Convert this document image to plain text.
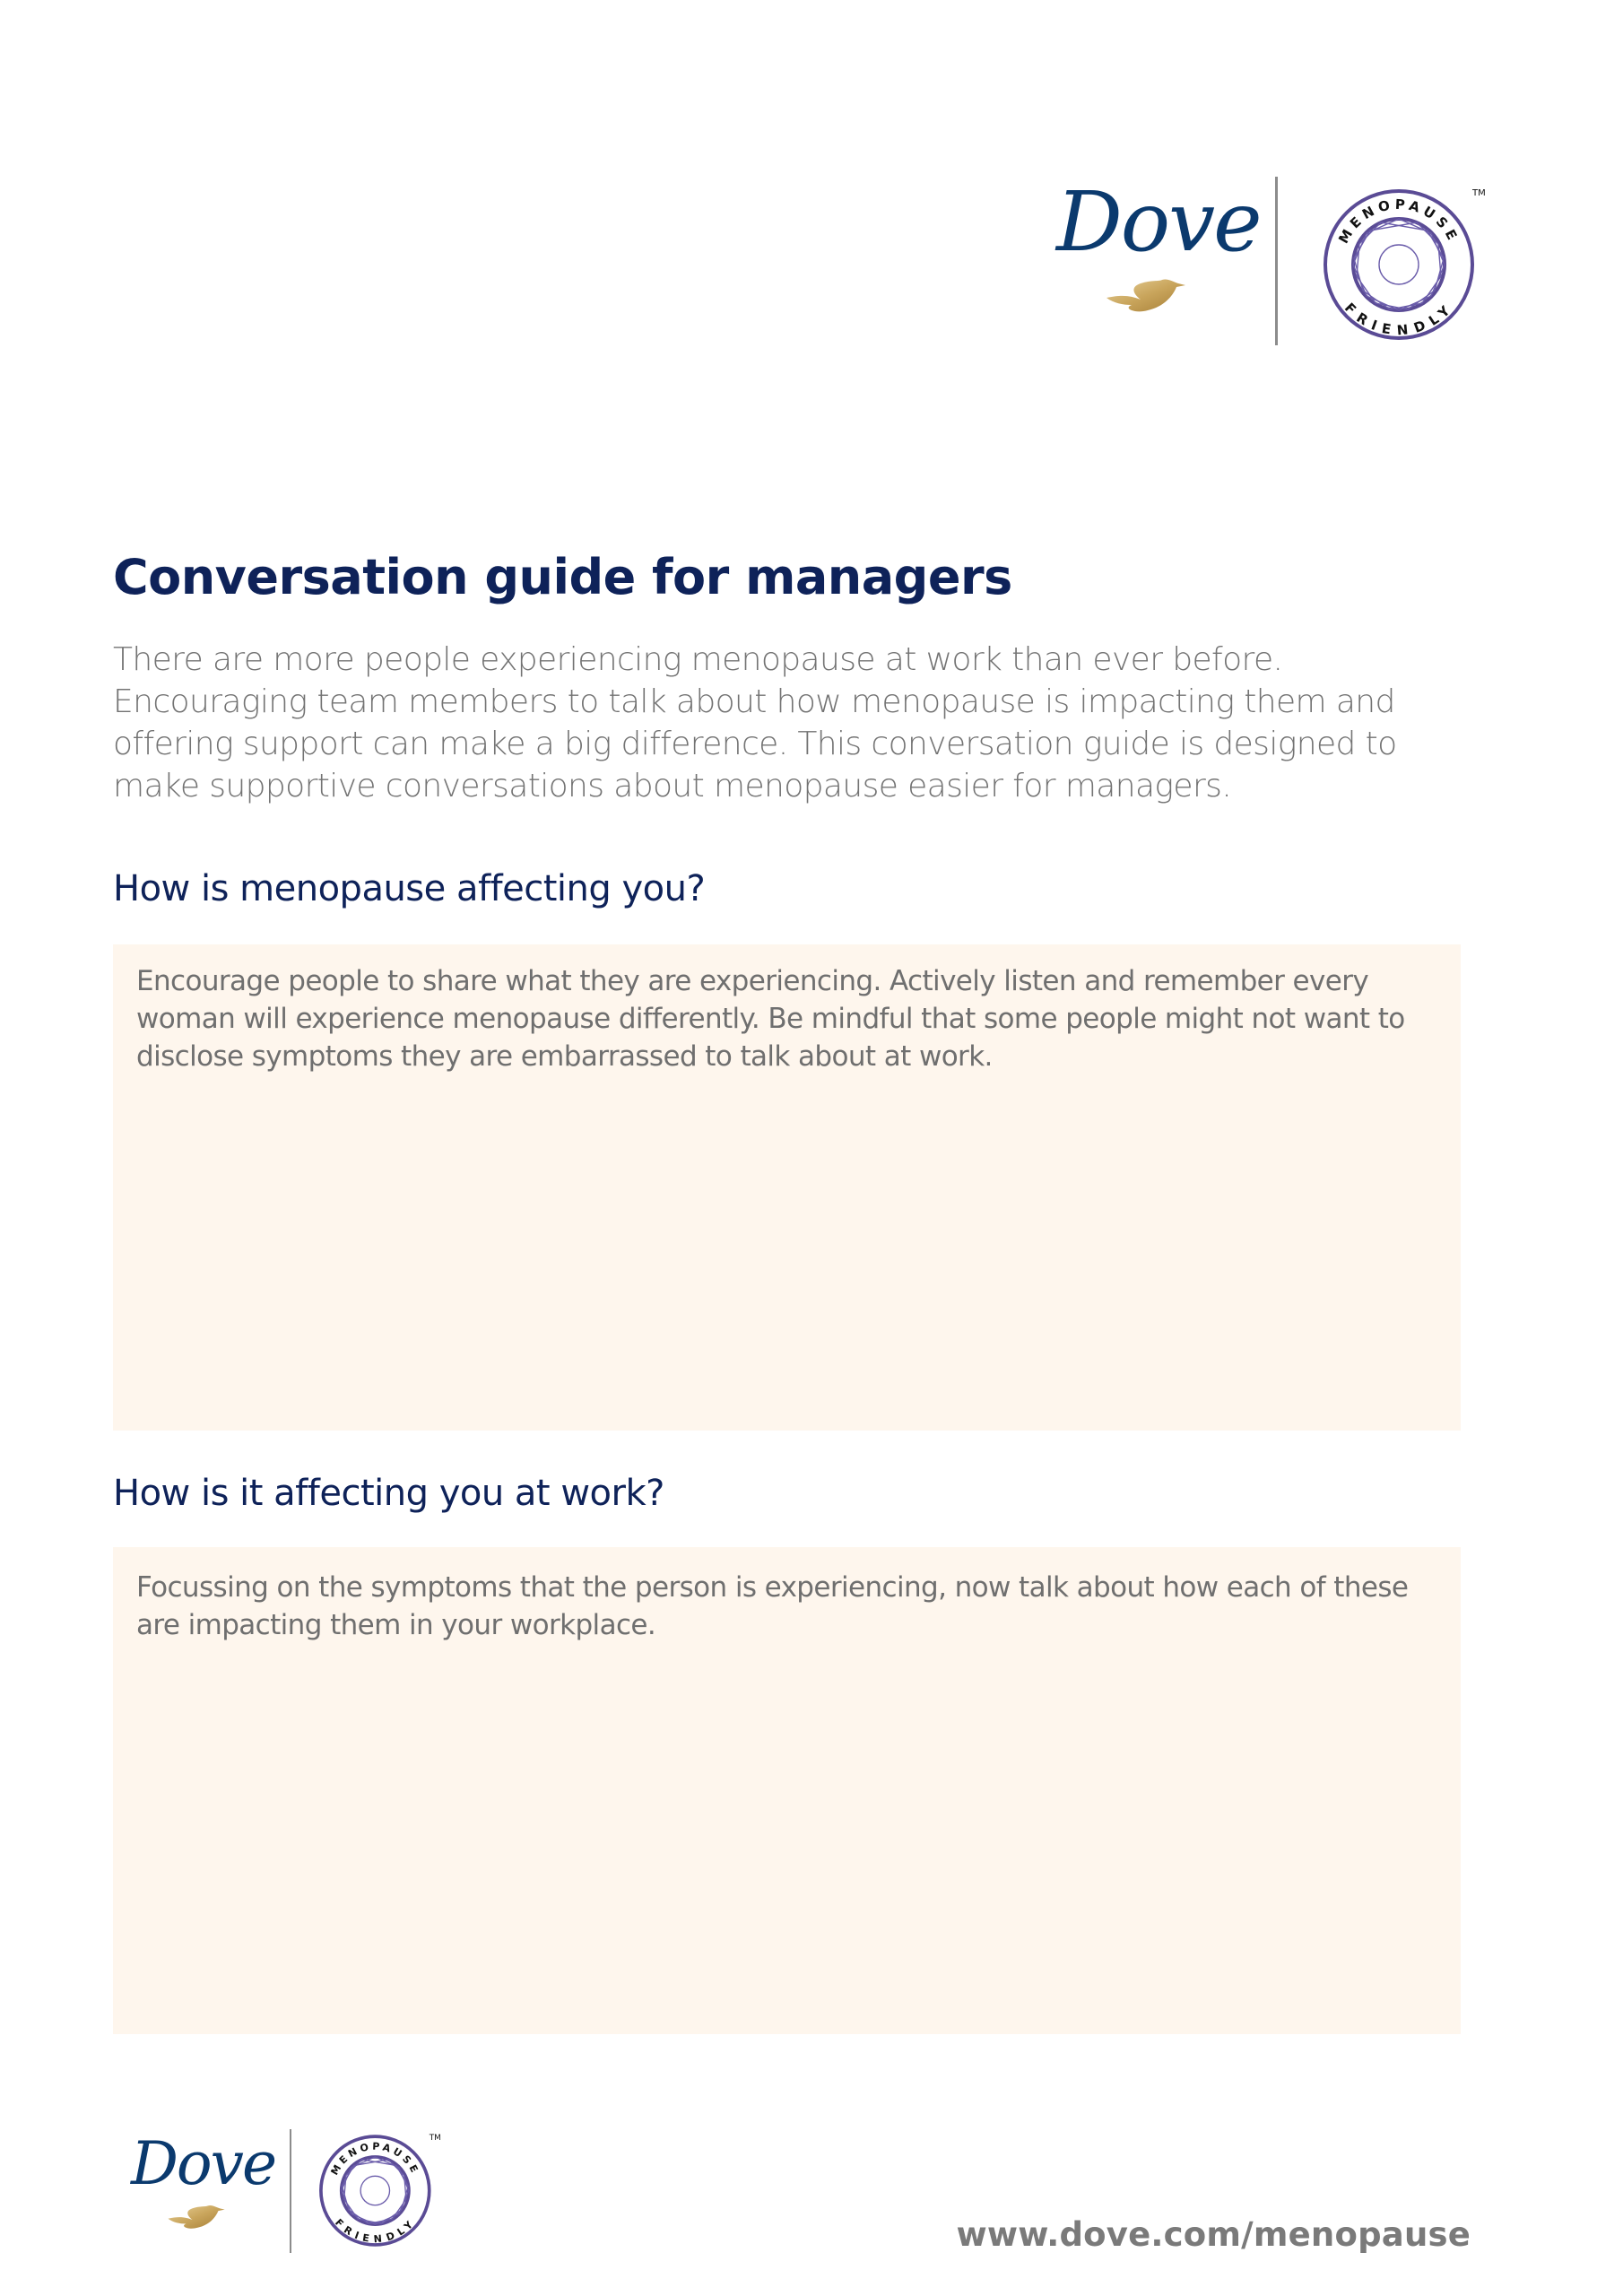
Dove	MENOPAUSE
FRIENDLY
TM
Conversation guide for managers
There are more people experiencing menopause at work than ever before. Encouraging team members to talk about how menopause is impacting them and offering support can make a big difference. This conversation guide is designed to make supportive conversations about menopause easier for managers.
How is menopause affecting you?
Encourage people to share what they are experiencing. Actively listen and remember every woman will experience menopause differently. Be mindful that some people might not want to disclose symptoms they are embarrassed to talk about at work.
How is it affecting you at work?
Focussing on the symptoms that the person is experiencing, now talk about how each of these are impacting them in your workplace.
Dove	MENOPAUSE
FRIENDLY
TM
www.dove.com/menopause
